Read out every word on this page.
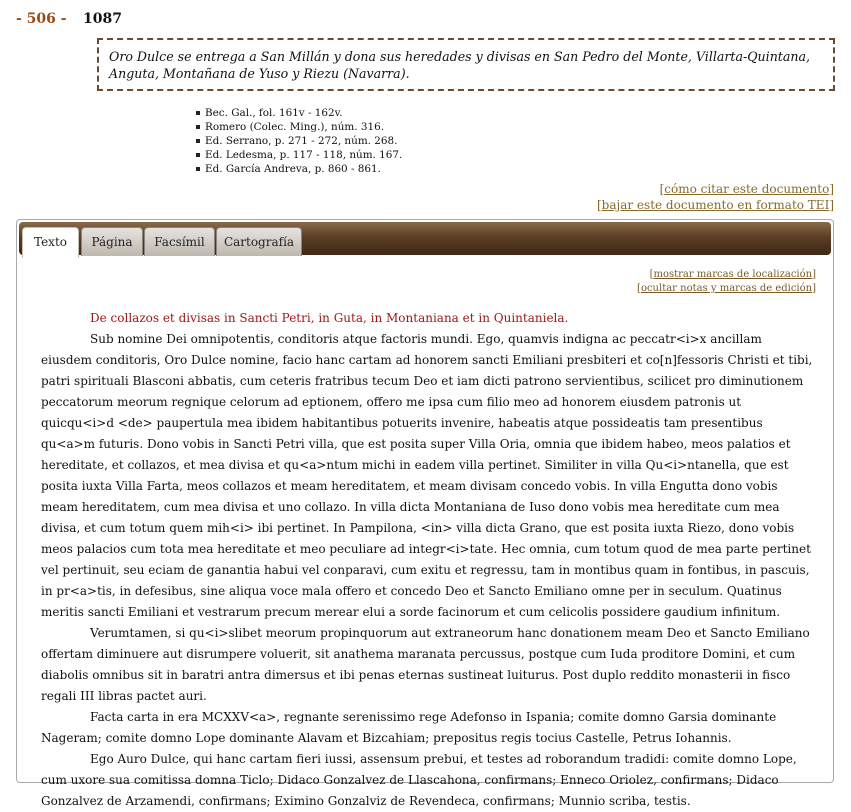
- 506 - 1087
Oro Dulce se entrega a San Millán y dona sus heredades y divisas en San Pedro del Monte, Villarta-Quintana, Anguta, Montañana de Yuso y Riezu (Navarra).
Bec. Gal., fol. 161v - 162v.
Romero (Colec. Ming.), núm. 316.
Ed. Serrano, p. 271 - 272, núm. 268.
Ed. Ledesma, p. 117 - 118, núm. 167.
Ed. García Andreva, p. 860 - 861.
[cómo citar este documento]
[bajar este documento en formato TEI]
Texto	Página	Facsímil	Cartografía
[mostrar marcas de localización]
[ocultar notas y marcas de edición]
De collazos et divisas in Sancti Petri, in Guta, in Montaniana et in Quintaniela.

Sub nomine Dei omnipotentis, conditoris atque factoris mundi. Ego, quamvis indigna ac peccatr<i>x ancillam eiusdem conditoris, Oro Dulce nomine, facio hanc cartam ad honorem sancti Emiliani presbiteri et co[n]fessoris Christi et tibi, patri spirituali Blasconi abbatis, cum ceteris fratribus tecum Deo et iam dicti patrono servientibus, scilicet pro diminutionem peccatorum meorum regnique celorum ad eptionem, offero me ipsa cum filio meo ad honorem eiusdem patronis ut quicqu<i>d <de> paupertula mea ibidem habitantibus potuerits invenire, habeatis atque possideatis tam presentibus qu<a>m futuris. Dono vobis in Sancti Petri villa, que est posita super Villa Oria, omnia que ibidem habeo, meos palatios et hereditate, et collazos, et mea divisa et qu<a>ntum michi in eadem villa pertinet. Similiter in villa Qu<i>ntanella, que est posita iuxta Villa Farta, meos collazos et meam hereditatem, et meam divisam concedo vobis. In villa Engutta dono vobis meam hereditatem, cum mea divisa et uno collazo. In villa dicta Montaniana de Iuso dono vobis mea hereditate cum mea divisa, et cum totum quem mih<i> ibi pertinet. In Pampilona, <in> villa dicta Grano, que est posita iuxta Riezo, dono vobis meos palacios cum tota mea hereditate et meo peculiare ad integr<i>tate. Hec omnia, cum totum quod de mea parte pertinet vel pertinuit, seu eciam de ganantia habui vel conparavi, cum exitu et regressu, tam in montibus quam in fontibus, in pascuis, in pr<a>tis, in defesibus, sine aliqua voce mala offero et concedo Deo et Sancto Emiliano omne per in seculum. Quatinus meritis sancti Emiliani et vestrarum precum merear elui a sorde facinorum et cum celicolis possidere gaudium infinitum.

Verumtamen, si qu<i>slibet meorum propinquorum aut extraneorum hanc donationem meam Deo et Sancto Emiliano offertam diminuere aut disrumpere voluerit, sit anathema maranata percussus, postque cum Iuda proditore Domini, et cum diabolis omnibus sit in baratri antra dimersus et ibi penas eternas sustineat luiturus. Post duplo reddito monasterii in fisco regali III libras pactet auri.

Facta carta in era MCXXV<a>, regnante serenissimo rege Adefonso in Ispania; comite domno Garsia dominante Nageram; comite domno Lope dominante Alavam et Bizcahiam; prepositus regis tocius Castelle, Petrus Iohannis.

Ego Auro Dulce, qui hanc cartam fieri iussi, assensum prebui, et testes ad roborandum tradidi: comite domno Lope, cum uxore sua comitissa domna Ticlo; Didaco Gonzalvez de Llascahona, confirmans; Enneco Oriolez, confirmans; Didaco Gonzalvez de Arzamendi, confirmans; Eximino Gonzalviz de Revendeca, confirmans; Munnio scriba, testis.
